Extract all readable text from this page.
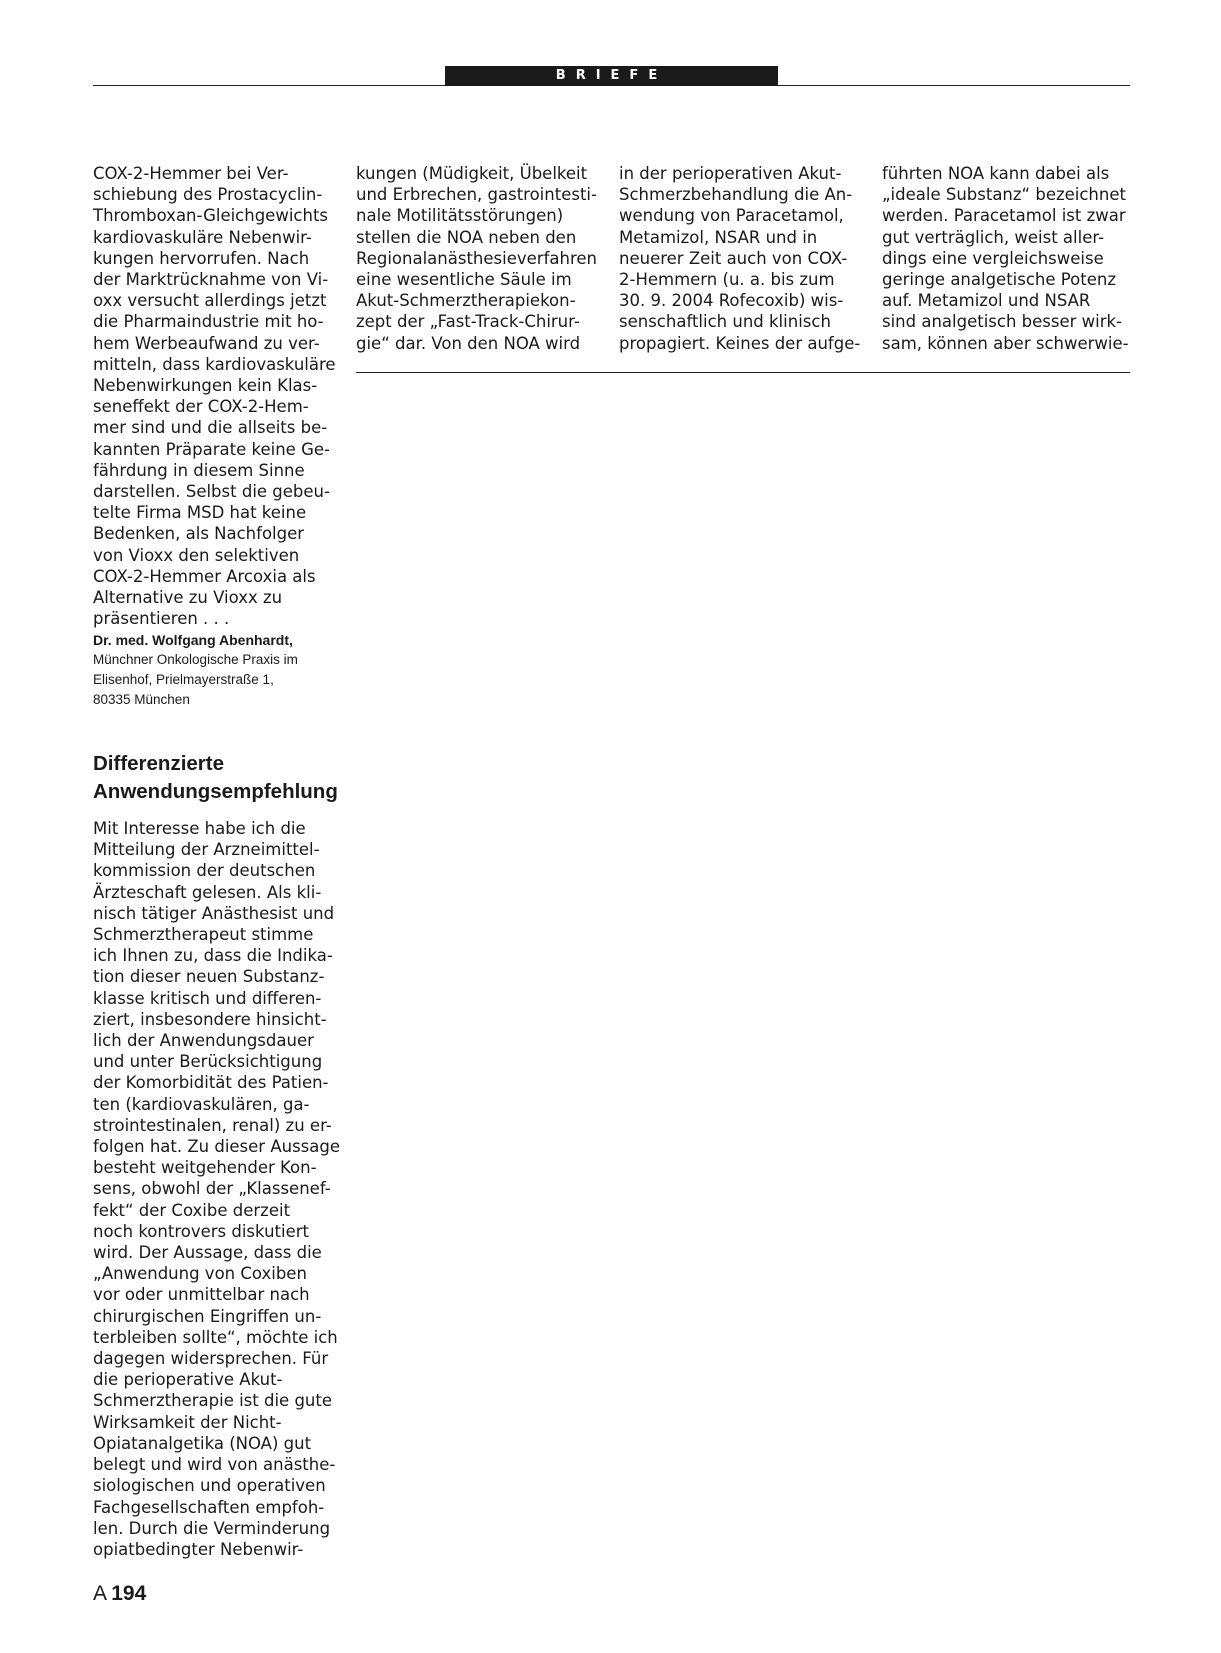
BRIEFE
COX-2-Hemmer bei Ver-
schiebung des Prostacyclin-
Thromboxan-Gleichgewichts
kardiovaskuläre Nebenwir-
kungen hervorrufen. Nach
der Marktrücknahme von Vi-
oxx versucht allerdings jetzt
die Pharmaindustrie mit ho-
hem Werbeaufwand zu ver-
mitteln, dass kardiovaskuläre
Nebenwirkungen kein Klas-
seneffekt der COX-2-Hem-
mer sind und die allseits be-
kannten Präparate keine Ge-
fährdung in diesem Sinne
darstellen. Selbst die gebeu-
telte Firma MSD hat keine
Bedenken, als Nachfolger
von Vioxx den selektiven
COX-2-Hemmer Arcoxia als
Alternative zu Vioxx zu
präsentieren . . .
Dr. med. Wolfgang Abenhardt,
Münchner Onkologische Praxis im
Elisenhof, Prielmayerstraße 1,
80335 München
kungen (Müdigkeit, Übelkeit
und Erbrechen, gastrointesti-
nale Motilitätsstörungen)
stellen die NOA neben den
Regionalanästhesieverfahren
eine wesentliche Säule im
Akut-Schmerztherapiekon-
zept der „Fast-Track-Chirur-
gie“ dar. Von den NOA wird
in der perioperativen Akut-
Schmerzbehandlung die An-
wendung von Paracetamol,
Metamizol, NSAR und in
neuerer Zeit auch von COX-
2-Hemmern (u. a. bis zum
30. 9. 2004 Rofecoxib) wis-
senschaftlich und klinisch
propagiert. Keines der aufge-
führten NOA kann dabei als
„ideale Substanz“ bezeichnet
werden. Paracetamol ist zwar
gut verträglich, weist aller-
dings eine vergleichsweise
geringe analgetische Potenz
auf. Metamizol und NSAR
sind analgetisch besser wirk-
sam, können aber schwerwie-
Differenzierte
Anwendungsempfehlung
Mit Interesse habe ich die
Mitteilung der Arzneimittel-
kommission der deutschen
Ärzteschaft gelesen. Als kli-
nisch tätiger Anästhesist und
Schmerztherapeut stimme
ich Ihnen zu, dass die Indika-
tion dieser neuen Substanz-
klasse kritisch und differen-
ziert, insbesondere hinsicht-
lich der Anwendungsdauer
und unter Berücksichtigung
der Komorbidität des Patien-
ten (kardiovaskulären, ga-
strointestinalen, renal) zu er-
folgen hat. Zu dieser Aussage
besteht weitgehender Kon-
sens, obwohl der „Klassenef-
fekt“ der Coxibe derzeit
noch kontrovers diskutiert
wird. Der Aussage, dass die
„Anwendung von Coxiben
vor oder unmittelbar nach
chirurgischen Eingriffen un-
terbleiben sollte“, möchte ich
dagegen widersprechen. Für
die perioperative Akut-
Schmerztherapie ist die gute
Wirksamkeit der Nicht-
Opiatanalgetika (NOA) gut
belegt und wird von anästhe-
siologischen und operativen
Fachgesellschaften empfoh-
len. Durch die Verminderung
opiatbedingter Nebenwir-
A  194
